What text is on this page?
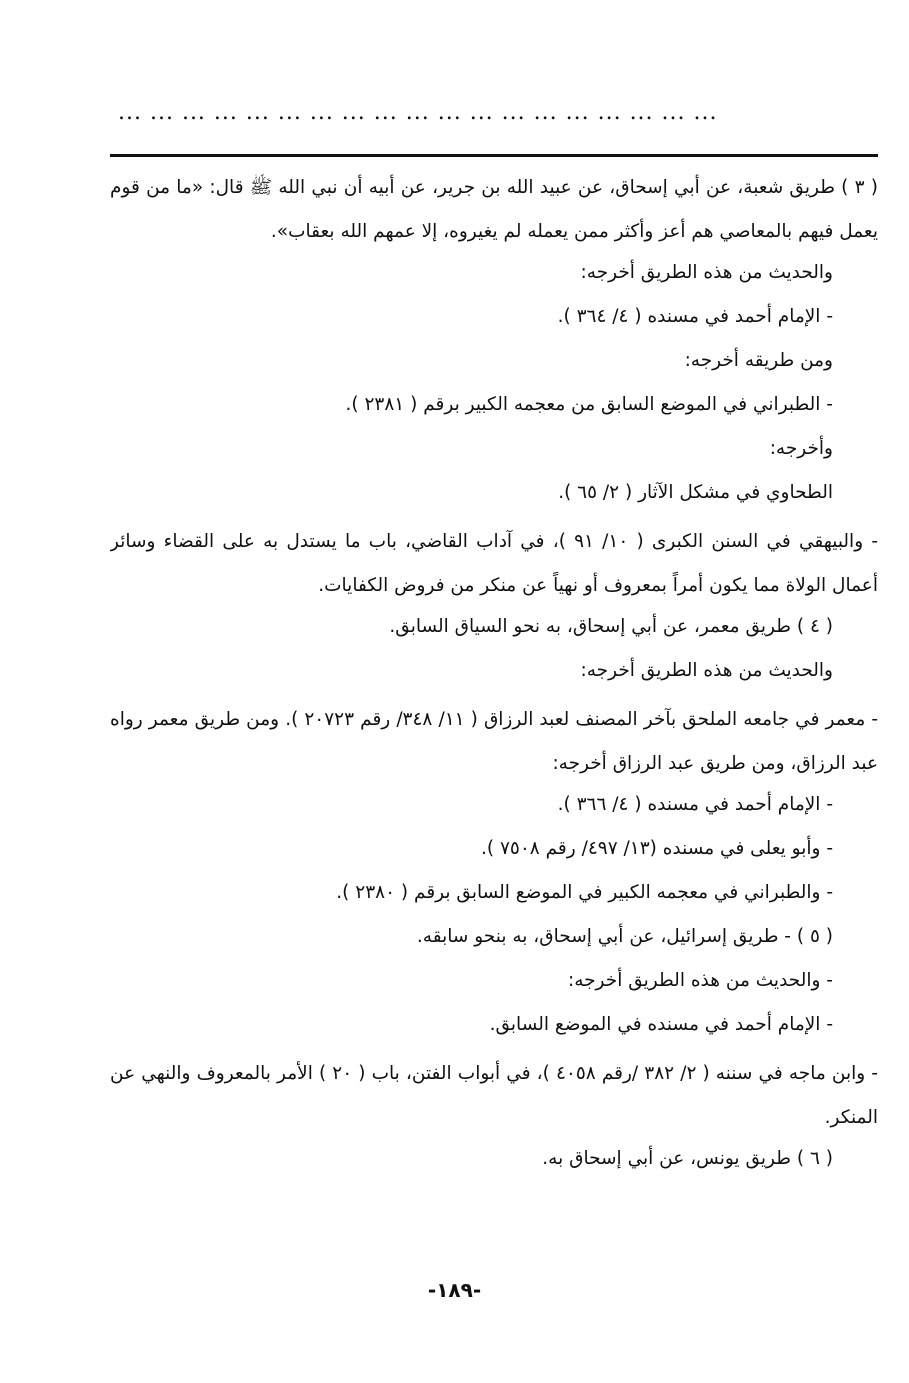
... ... ... ... ... ... ... ... ... ... ... ... ... ... ... ... ... ... ...

( ٣ ) طريق شعبة، عن أبي إسحاق، عن عبيد الله بن جرير، عن أبيه أن نبي الله ﷺ قال: «ما من قوم يعمل فيهم بالمعاصي هم أعز وأكثر ممن يعمله لم يغيروه، إلا عمهم الله بعقاب».

والحديث من هذه الطريق أخرجه:

- الإمام أحمد في مسنده ( ٤/ ٣٦٤ ).

ومن طريقه أخرجه:

- الطبراني في الموضع السابق من معجمه الكبير برقم ( ٢٣٨١ ).

وأخرجه:

الطحاوي في مشكل الآثار ( ٢/ ٦٥ ).

- والبيهقي في السنن الكبرى ( ١٠/ ٩١ )، في آداب القاضي، باب ما يستدل به على القضاء وسائر أعمال الولاة مما يكون أمراً بمعروف أو نهياً عن منكر من فروض الكفايات.

( ٤ ) طريق معمر، عن أبي إسحاق، به نحو السياق السابق.

والحديث من هذه الطريق أخرجه:

- معمر في جامعه الملحق بآخر المصنف لعبد الرزاق ( ١١/ ٣٤٨/ رقم ٢٠٧٢٣ ). ومن طريق معمر رواه عبد الرزاق، ومن طريق عبد الرزاق أخرجه:

- الإمام أحمد في مسنده ( ٤/ ٣٦٦ ).

- وأبو يعلى في مسنده (١٣/ ٤٩٧/ رقم ٧٥٠٨ ).

- والطبراني في معجمه الكبير في الموضع السابق برقم ( ٢٣٨٠ ).

( ٥ ) - طريق إسرائيل، عن أبي إسحاق، به بنحو سابقه.

- والحديث من هذه الطريق أخرجه:

- الإمام أحمد في مسنده في الموضع السابق.

- وابن ماجه في سننه ( ٢/ ٣٨٢ /رقم ٤٠٥٨ )، في أبواب الفتن، باب ( ٢٠ ) الأمر بالمعروف والنهي عن المنكر.

( ٦ ) طريق يونس، عن أبي إسحاق به.

-١٨٩-
